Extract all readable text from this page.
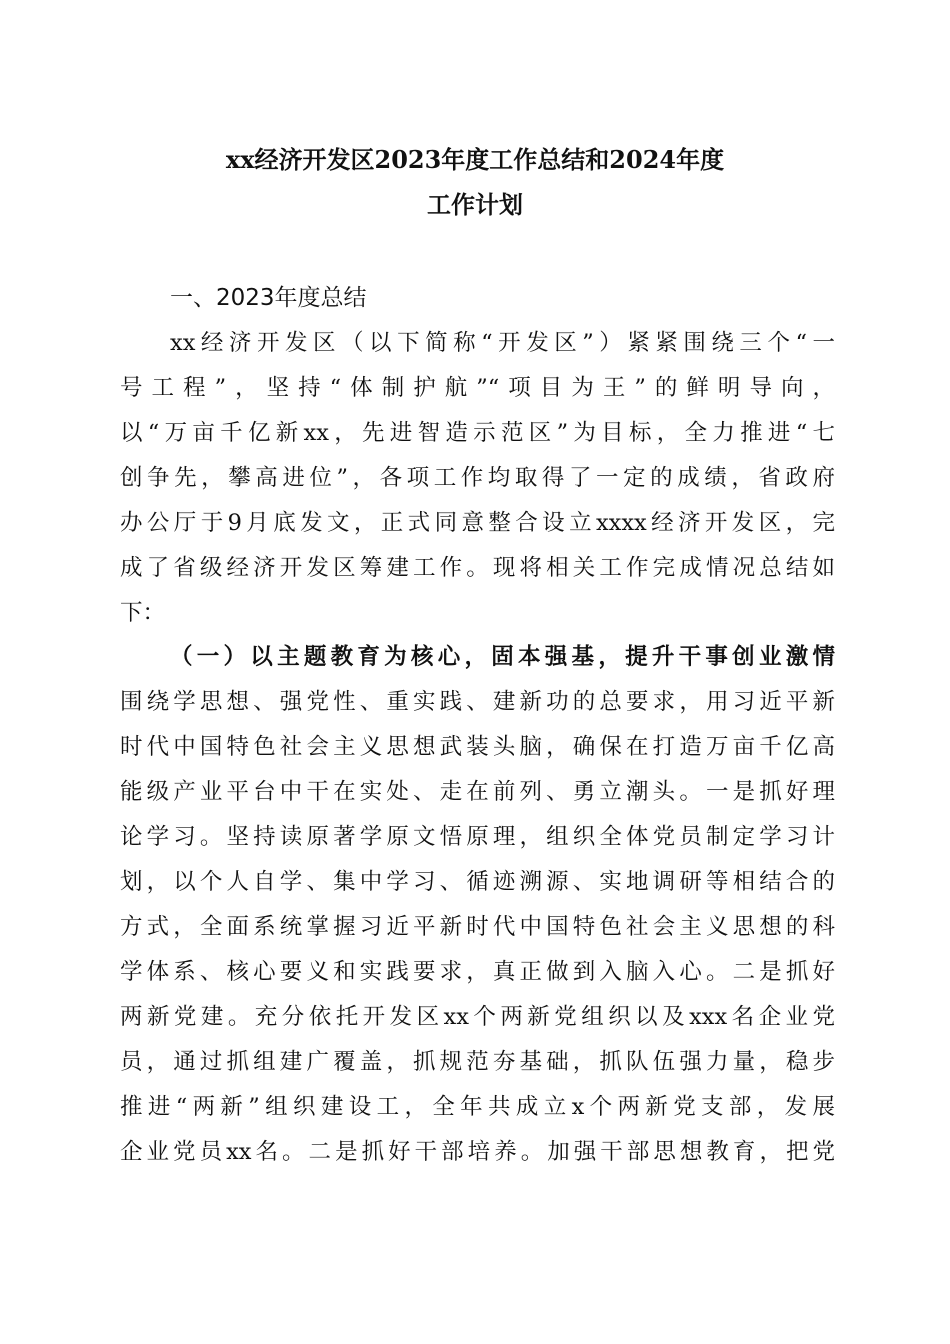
xx经济开发区2023年度工作总结和2024年度
工作计划

一、2023年度总结

xx经济开发区（以下简称“开发区”）紧紧围绕三个“一

号工程”，坚持“体制护航”“项目为王”的鲜明导向，

以“万亩千亿新xx，先进智造示范区”为目标，全力推进“七

创争先，攀高进位”，各项工作均取得了一定的成绩，省政府

办公厅于9月底发文，正式同意整合设立xxxx经济开发区，完

成了省级经济开发区筹建工作。现将相关工作完成情况总结如

下：

（一）以主题教育为核心，固本强基，提升干事创业激情

围绕学思想、强党性、重实践、建新功的总要求，用习近平新

时代中国特色社会主义思想武装头脑，确保在打造万亩千亿高

能级产业平台中干在实处、走在前列、勇立潮头。一是抓好理

论学习。坚持读原著学原文悟原理，组织全体党员制定学习计

划，以个人自学、集中学习、循迹溯源、实地调研等相结合的

方式，全面系统掌握习近平新时代中国特色社会主义思想的科

学体系、核心要义和实践要求，真正做到入脑入心。二是抓好

两新党建。充分依托开发区xx个两新党组织以及xxx名企业党

员，通过抓组建广覆盖，抓规范夯基础，抓队伍强力量，稳步

推进“两新”组织建设工，全年共成立x个两新党支部，发展

企业党员xx名。二是抓好干部培养。加强干部思想教育，把党
